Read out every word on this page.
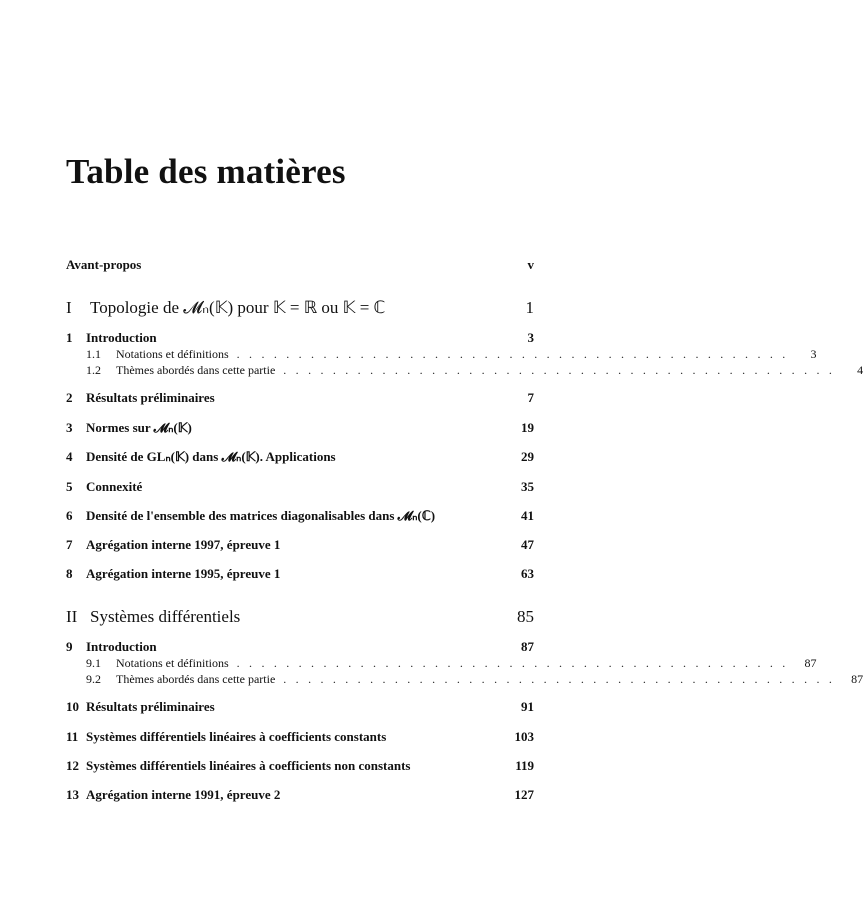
Table des matières
Avant-propos	v
I	Topologie de 𝓜ₙ(𝕂) pour 𝕂 = ℝ ou 𝕂 = ℂ	1
1	Introduction	3
1.1	Notations et définitions . . . . . . . . . . . . . . . . . . . . . . . . . . . . . . . . . . . . . . . . . . . . .	3
1.2	Thèmes abordés dans cette partie . . . . . . . . . . . . . . . . . . . . . . . . . . . . . . . . . . . . . . . . . . . . .	4
2	Résultats préliminaires	7
3	Normes sur 𝓜ₙ(𝕂)	19
4	Densité de GLₙ(𝕂) dans 𝓜ₙ(𝕂). Applications	29
5	Connexité	35
6	Densité de l'ensemble des matrices diagonalisables dans 𝓜ₙ(ℂ)	41
7	Agrégation interne 1997, épreuve 1	47
8	Agrégation interne 1995, épreuve 1	63
II Systèmes différentiels	85
9	Introduction	87
9.1	Notations et définitions . . . . . . . . . . . . . . . . . . . . . . . . . . . . . . . . . . . . . . . . . . . . .	87
9.2	Thèmes abordés dans cette partie . . . . . . . . . . . . . . . . . . . . . . . . . . . . . . . . . . . . . . . . . . . . .	87
10 Résultats préliminaires	91
11 Systèmes différentiels linéaires à coefficients constants	103
12 Systèmes différentiels linéaires à coefficients non constants	119
13 Agrégation interne 1991, épreuve 2	127
